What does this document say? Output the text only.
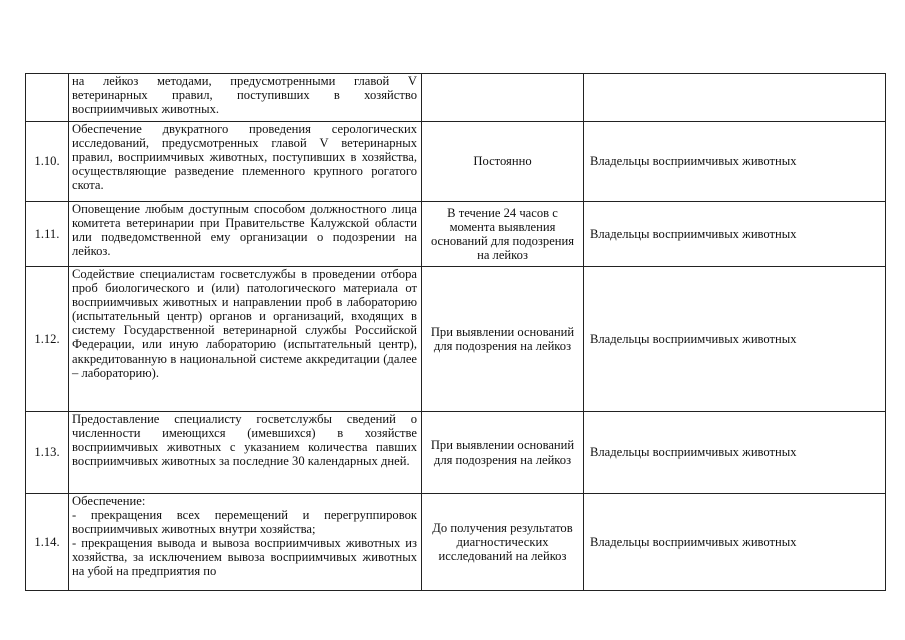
	на лейкоз методами, предусмотренными главой V ветеринарных правил, поступивших в хозяйство восприимчивых животных.		

1.10.	Обеспечение двукратного проведения серологических исследований, предусмотренных главой V ветеринарных правил, восприимчивых животных, поступивших в хозяйства, осуществляющие разведение племенного крупного рогатого скота.	Постоянно	Владельцы восприимчивых животных
1.11.	Оповещение любым доступным способом должностного лица комитета ветеринарии при Правительстве Калужской области или подведомственной ему организации о подозрении на лейкоз.	В течение 24 часов с момента выявления оснований для подозрения на лейкоз	Владельцы восприимчивых животных
1.12.	Содействие специалистам госветслужбы в проведении отбора проб биологического и (или) патологического материала от восприимчивых животных и направлении проб в лабораторию (испытательный центр) органов и организаций, входящих в систему Государственной ветеринарной службы Российской Федерации, или иную лабораторию (испытательный центр), аккредитованную в национальной системе аккредитации (далее – лабораторию).	При выявлении оснований для подозрения на лейкоз	Владельцы восприимчивых животных
1.13.	Предоставление специалисту госветслужбы сведений о численности имеющихся (имевшихся) в хозяйстве восприимчивых животных с указанием количества павших восприимчивых животных за последние 30 календарных дней.	При выявлении оснований для подозрения на лейкоз	Владельцы восприимчивых животных
1.14.	Обеспечение:

- прекращения всех перемещений и перегруппировок восприимчивых животных внутри хозяйства;

- прекращения вывода и вывоза восприимчивых животных из хозяйства, за исключением вывоза восприимчивых животных на убой на предприятия по	До получения результатов диагностических исследований на лейкоз	Владельцы восприимчивых животных
